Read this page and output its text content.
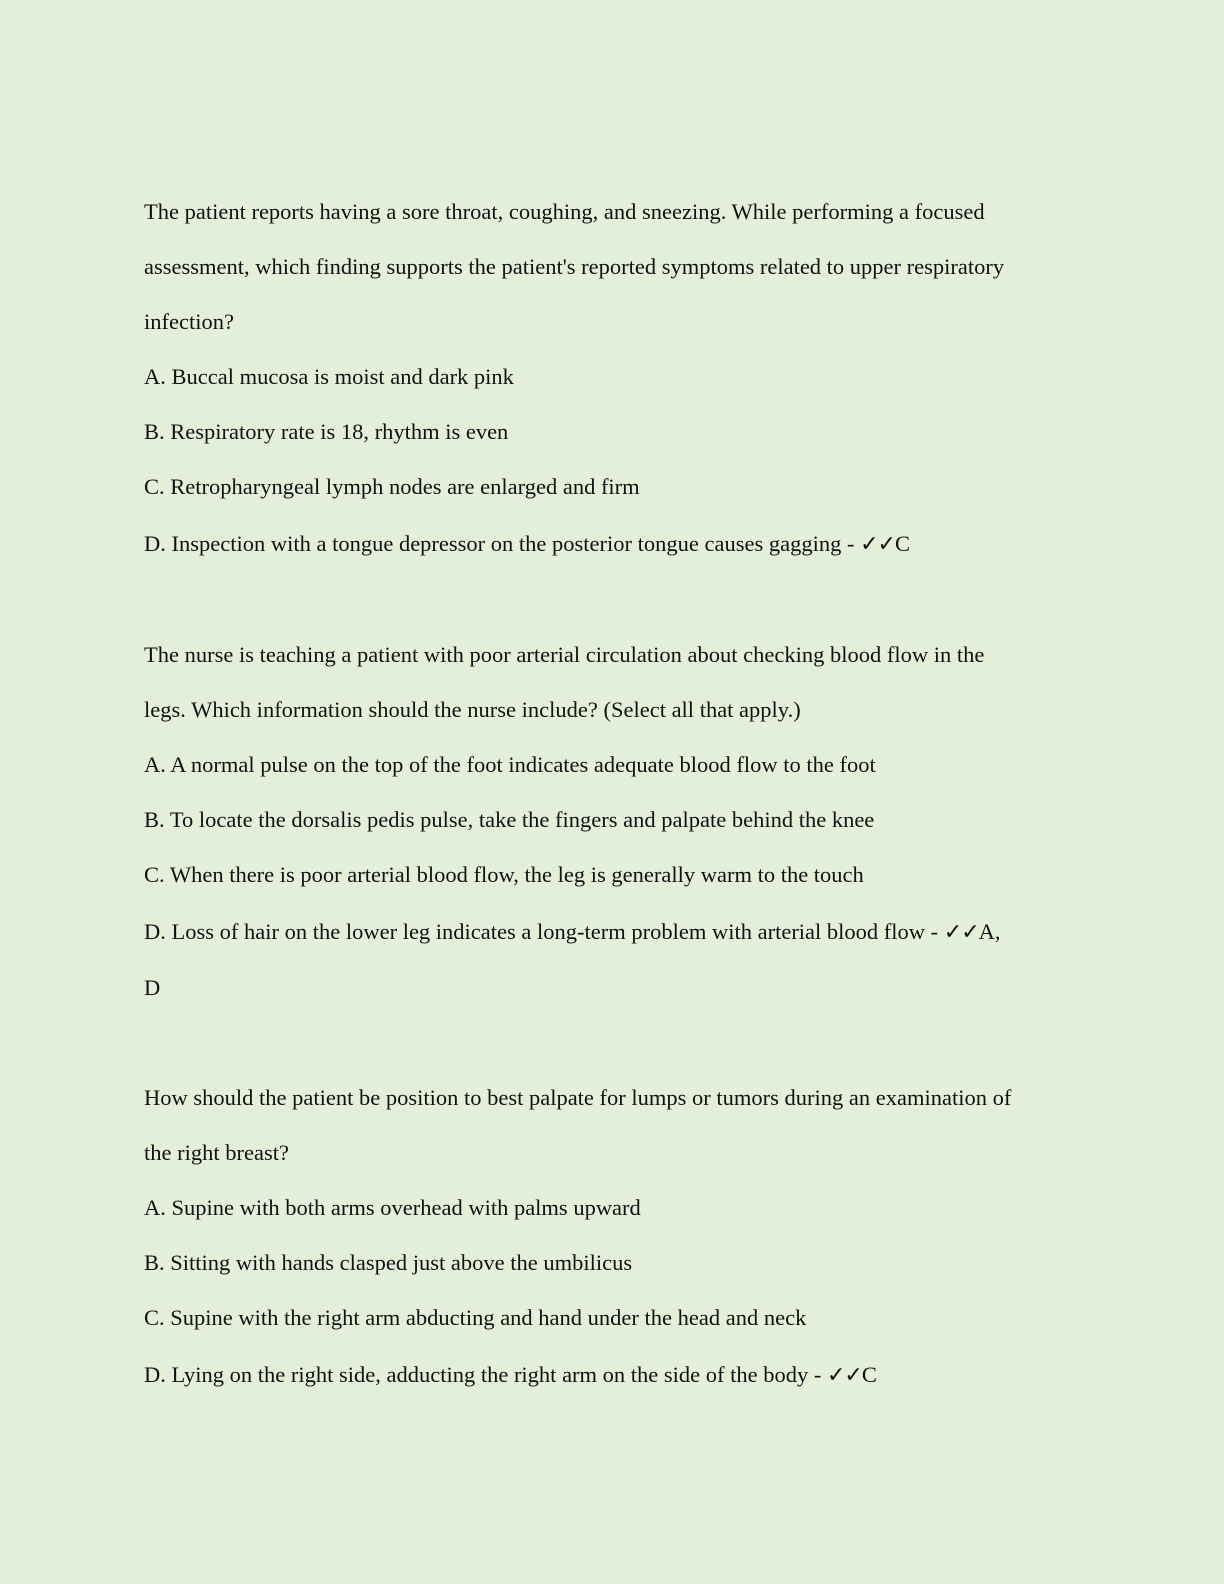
The patient reports having a sore throat, coughing, and sneezing. While performing a focused
assessment, which finding supports the patient's reported symptoms related to upper respiratory
infection?
A. Buccal mucosa is moist and dark pink
B. Respiratory rate is 18, rhythm is even
C. Retropharyngeal lymph nodes are enlarged and firm
D. Inspection with a tongue depressor on the posterior tongue causes gagging - ✓✓C
The nurse is teaching a patient with poor arterial circulation about checking blood flow in the
legs. Which information should the nurse include? (Select all that apply.)
A. A normal pulse on the top of the foot indicates adequate blood flow to the foot
B. To locate the dorsalis pedis pulse, take the fingers and palpate behind the knee
C. When there is poor arterial blood flow, the leg is generally warm to the touch
D. Loss of hair on the lower leg indicates a long-term problem with arterial blood flow - ✓✓A,
D
How should the patient be position to best palpate for lumps or tumors during an examination of
the right breast?
A. Supine with both arms overhead with palms upward
B. Sitting with hands clasped just above the umbilicus
C. Supine with the right arm abducting and hand under the head and neck
D. Lying on the right side, adducting the right arm on the side of the body - ✓✓C
